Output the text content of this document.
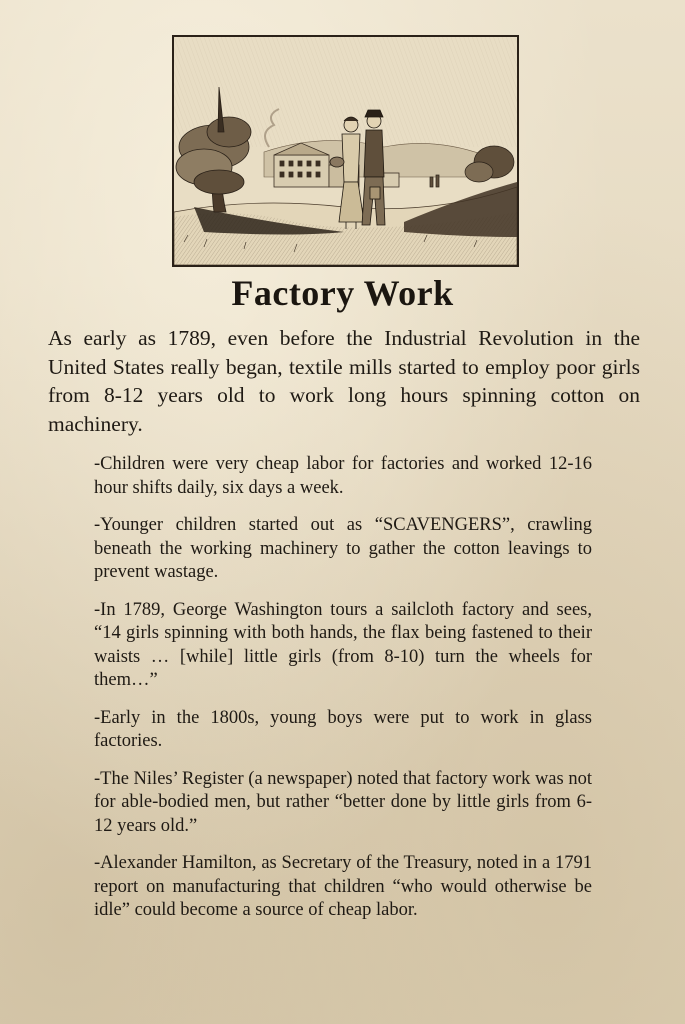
Factory Work

As early as 1789, even before the Industrial Revolution in the United States really began, textile mills started to employ poor girls from 8-12 years old to work long hours spinning cotton on machinery.

-Children were very cheap labor for factories and worked 12-16 hour shifts daily, six days a week.
-Younger children started out as “SCAVENGERS”, crawling beneath the working machinery to gather the cotton leavings to prevent wastage.
-In 1789, George Washington tours a sailcloth factory and sees, “14 girls spinning with both hands, the flax being fastened to their waists … [while] little girls (from 8-10) turn the wheels for them…”
-Early in the 1800s, young boys were put to work in glass factories.
-The Niles’ Register (a newspaper) noted that factory work was not for able-bodied men, but rather “better done by little girls from 6-12 years old.”
-Alexander Hamilton, as Secretary of the Treasury, noted in a 1791 report on manufacturing that children “who would otherwise be idle” could become a source of cheap labor.
